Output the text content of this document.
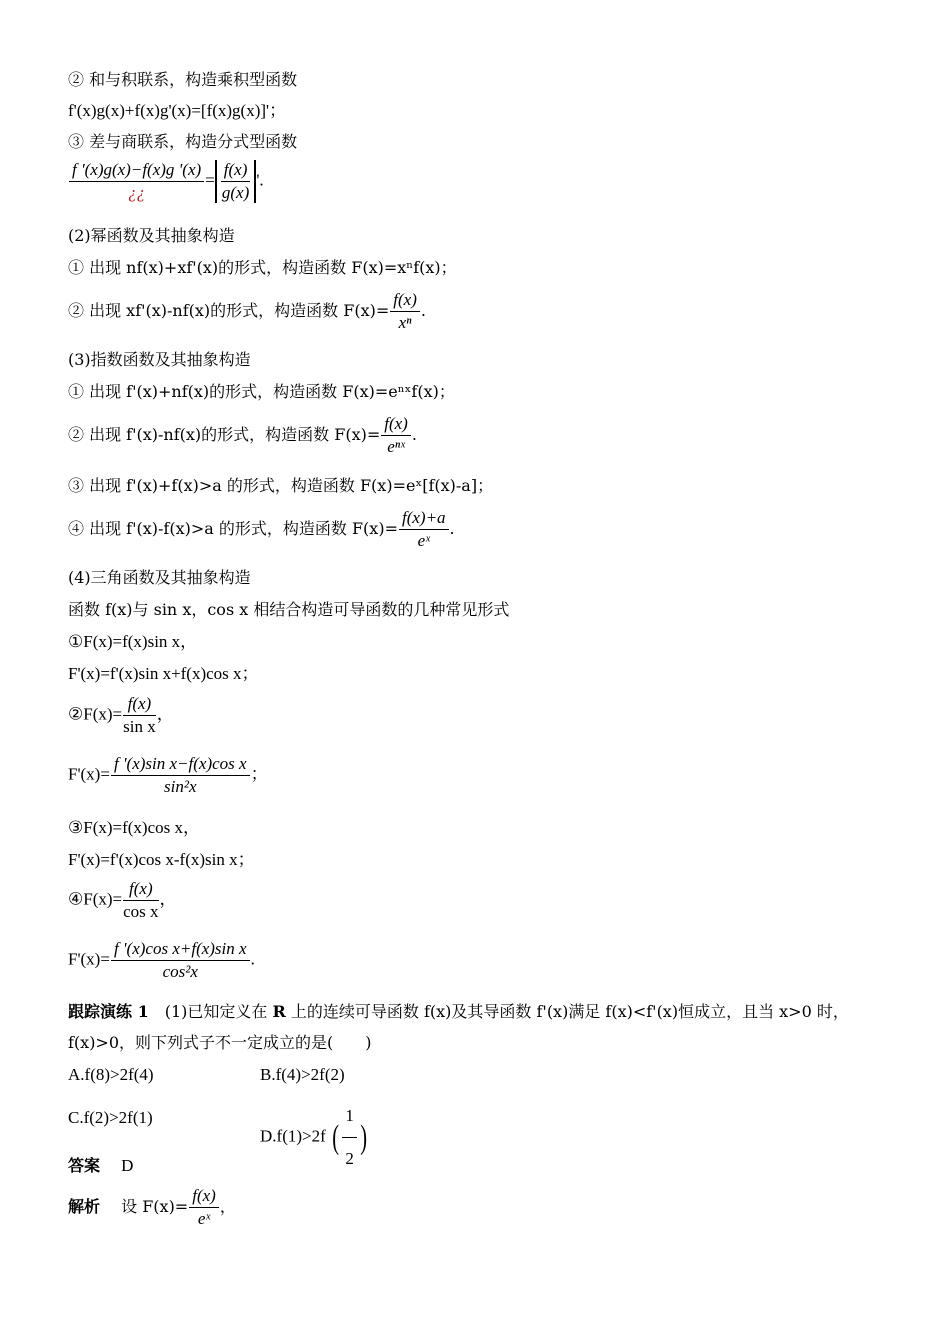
② 和与积联系，构造乘积型函数
f'(x)g(x)+f(x)g'(x)=[f(x)g(x)]'；
③ 差与商联系，构造分式型函数
$\frac{f '(x)g(x)-f(x)g '(x)}{¿¿} = \frac{f(x)}{g(x)}$ '.
(2)幂函数及其抽象构造
① 出现 nf(x)+xf'(x)的形式，构造函数 F(x)=xⁿf(x)；
② 出现 xf'(x)-nf(x)的形式，构造函数 $F(x)= \frac{f(x)}{\text{xⁿ}}$ .
(3)指数函数及其抽象构造
① 出现 f'(x)+nf(x)的形式，构造函数 F(x)=eⁿˣf(x)；
② 出现 f'(x)-nf(x)的形式，构造函数 $F(x)= \frac{f(x)}{\text{eⁿˣ}}$ .
③ 出现 f'(x)+f(x)>a 的形式，构造函数 F(x)=eˣ[f(x)-a]；
④ 出现 f'(x)-f(x)>a 的形式，构造函数 $F(x)= \frac{f(x)+a}{\text{eˣ}}$ .
(4)三角函数及其抽象构造
函数 f(x)与 sin x，cos x 相结合构造可导函数的几种常见形式
①F(x)=f(x)sin x，
F'(x)=f'(x)sin x+f(x)cos x；
②F(x)= $\frac{f(x)}{\text{sin x}}$ ，
$F'(x)= \frac{\text{f '(x)sin x−f(x)cos x}}{\text{sin²x}}$ ；
③F(x)=f(x)cos x，
F'(x)=f'(x)cos x-f(x)sin x；
④F(x)= $\frac{f(x)}{\text{cos x}}$ ，
$F'(x)= \frac{\text{f '(x)cos x+f(x)sin x}}{\text{cos²x}}$ .
跟踪演练 1　 (1)已知定义在 R 上的连续可导函数 f(x)及其导函数 f'(x)满足 f(x)<f'(x)恒成立，且当 x>0 时，
f(x)>0，则下列式子不一定成立的是(　　)
A.f(8)>2f(4)	B.f(4)>2f(2)
C.f(2)>2f(1)
D.f(1)>2f ( $\frac{1}{2}$ )
答案　 D
解析　 设 $F(x)= \frac{f(x)}{\text{eˣ}}$ ，
